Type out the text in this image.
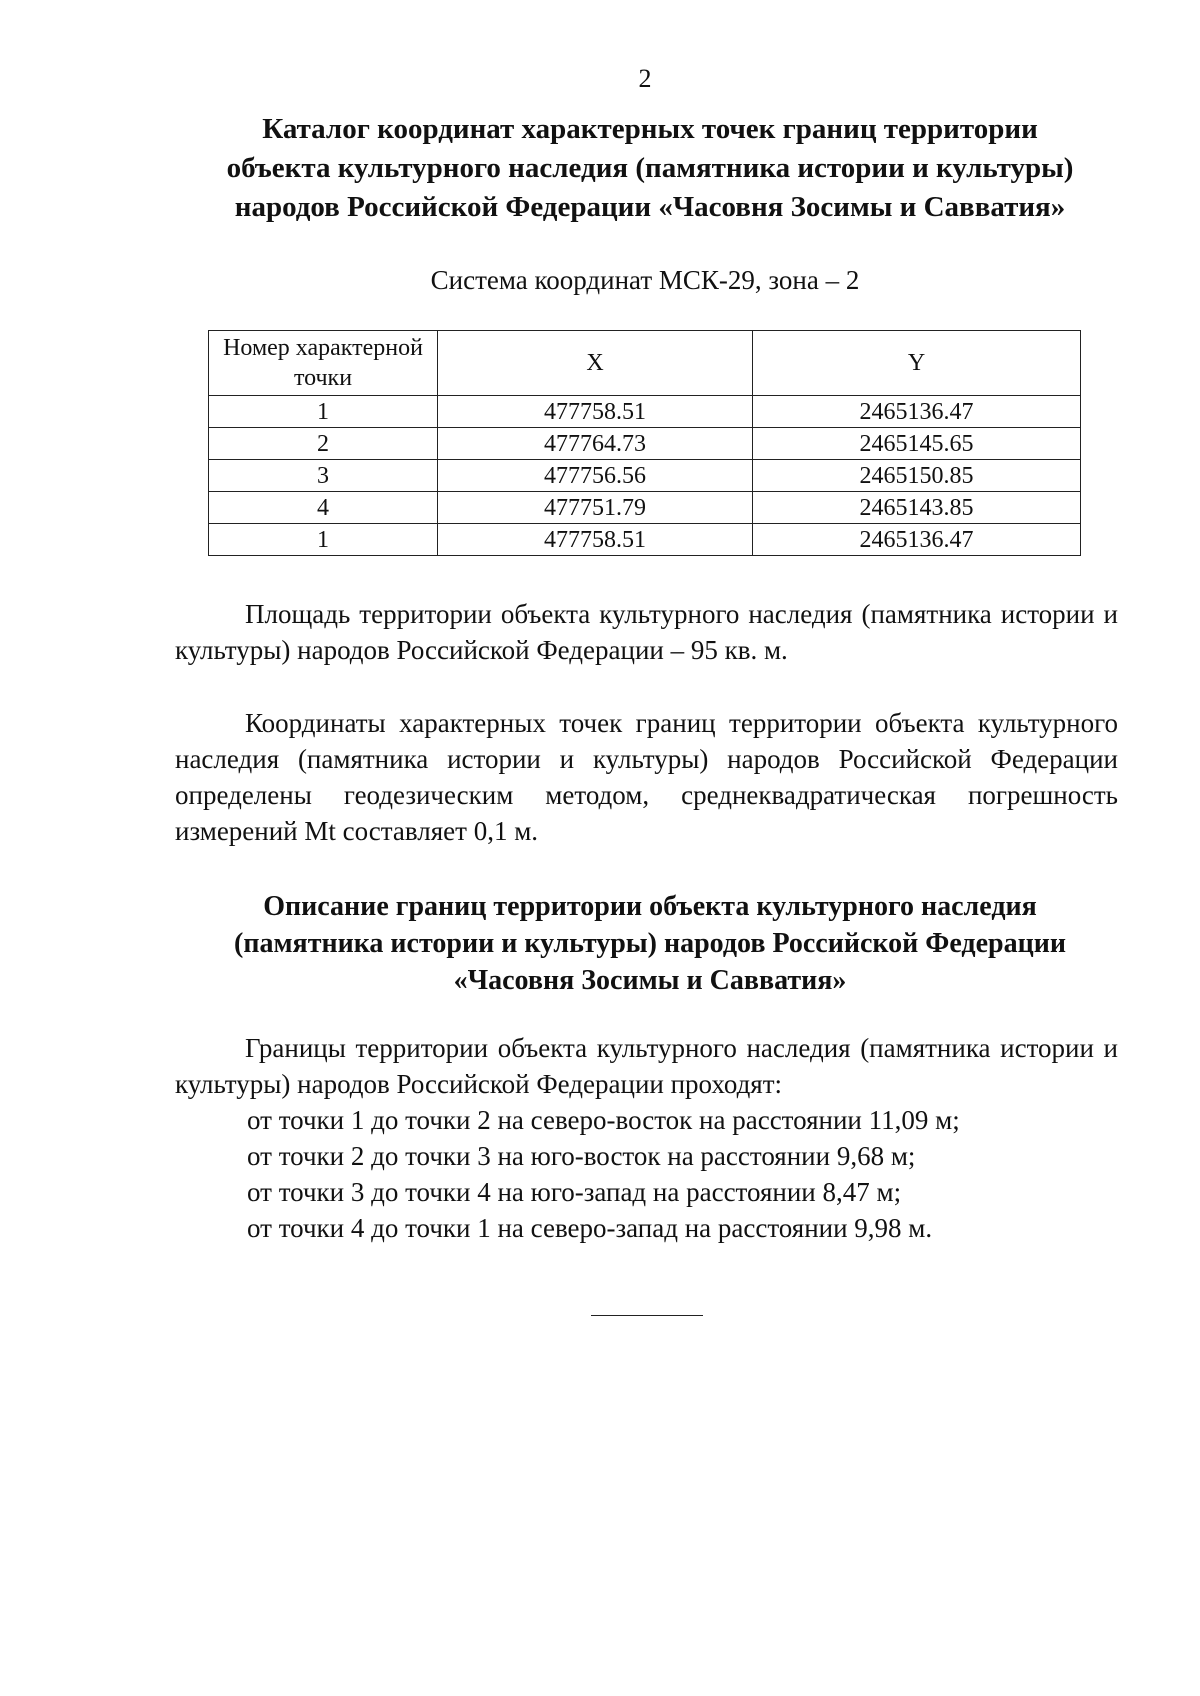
2
Каталог координат характерных точек границ территории
объекта культурного наследия (памятника истории и культуры)
народов Российской Федерации «Часовня Зосимы и Савватия»
Система координат МСК-29, зона – 2
Номер характерной точки	X	Y
1	477758.51	2465136.47
2	477764.73	2465145.65
3	477756.56	2465150.85
4	477751.79	2465143.85
1	477758.51	2465136.47

Площадь территории объекта культурного наследия (памятника истории и культуры) народов Российской Федерации – 95 кв. м.

Координаты характерных точек границ территории объекта культурного наследия (памятника истории и культуры) народов Российской Федерации определены геодезическим методом, среднеквадратическая погрешность измерений Mt составляет 0,1 м.

Описание границ территории объекта культурного наследия
(памятника истории и культуры) народов Российской Федерации
«Часовня Зосимы и Савватия»

Границы территории объекта культурного наследия (памятника истории и культуры) народов Российской Федерации проходят:

от точки 1 до точки 2 на северо-восток на расстоянии 11,09 м;
от точки 2 до точки 3 на юго-восток на расстоянии 9,68 м;
от точки 3 до точки 4 на юго-запад на расстоянии 8,47 м;
от точки 4 до точки 1 на северо-запад на расстоянии 9,98 м.
